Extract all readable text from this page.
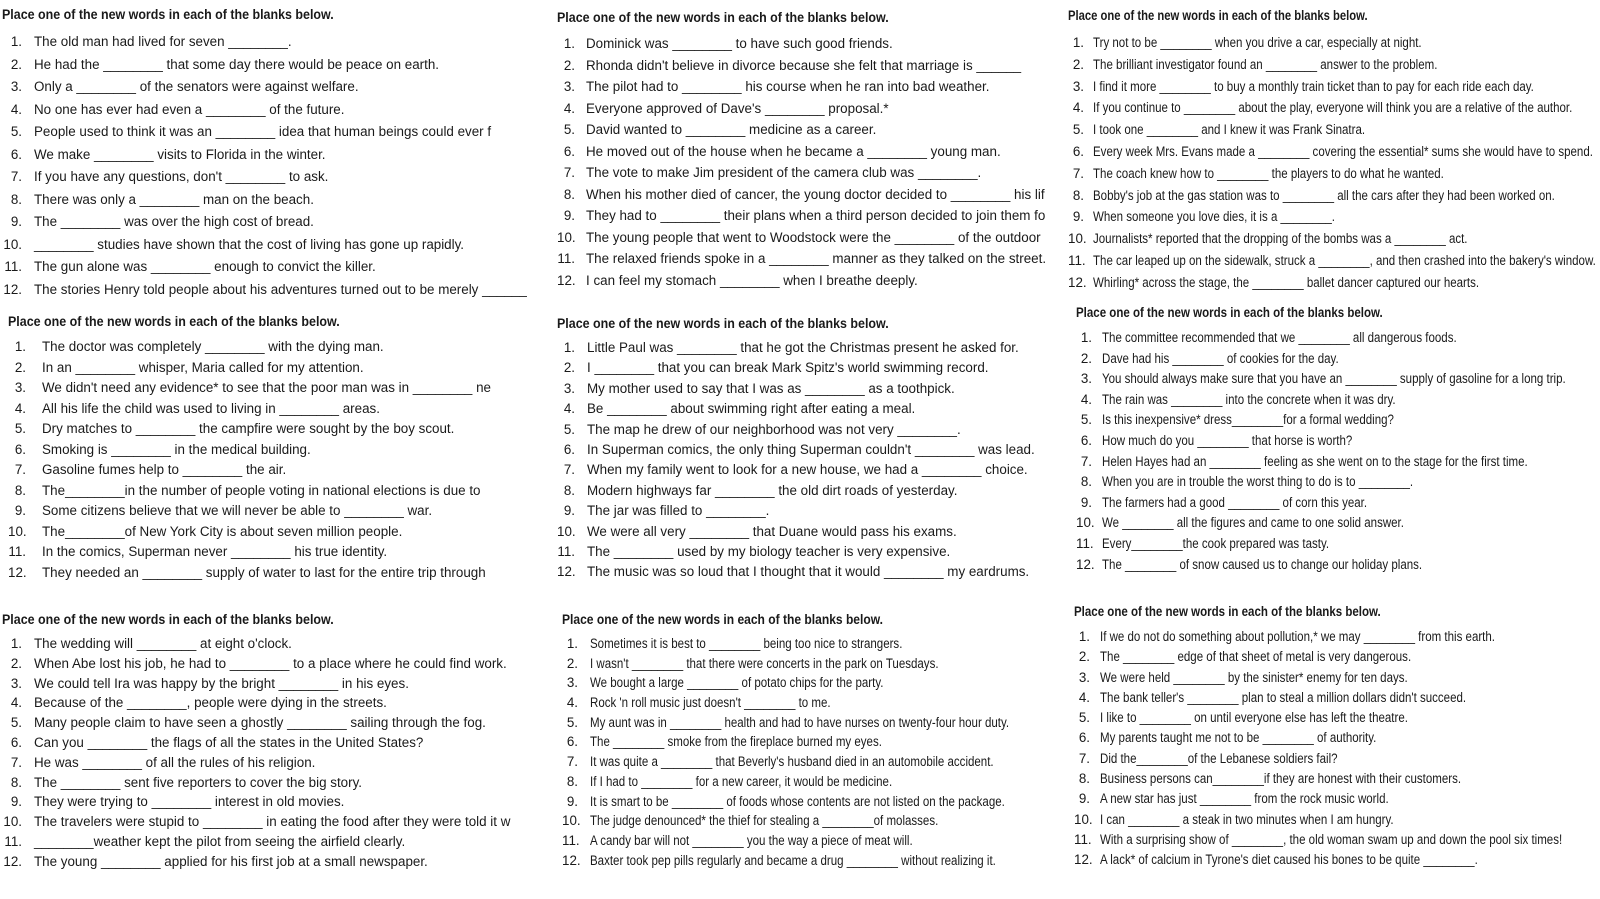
Place one of the new words in each of the blanks below.
1. The old man had lived for seven ________.
2. He had the ________ that some day there would be peace on earth.
3. Only a ________ of the senators were against welfare.
4. No one has ever had even a ________ of the future.
5. People used to think it was an ________ idea that human beings could ever f
6. We make ________ visits to Florida in the winter.
7. If you have any questions, don't ________ to ask.
8. There was only a ________ man on the beach.
9. The ________ was over the high cost of bread.
10. ________ studies have shown that the cost of living has gone up rapidly.
11. The gun alone was ________ enough to convict the killer.
12. The stories Henry told people about his adventures turned out to be merely ______
Place one of the new words in each of the blanks below.
1. Dominick was ________ to have such good friends.
2. Rhonda didn't believe in divorce because she felt that marriage is ______
3. The pilot had to ________ his course when he ran into bad weather.
4. Everyone approved of Dave's ________ proposal.*
5. David wanted to ________ medicine as a career.
6. He moved out of the house when he became a ________ young man.
7. The vote to make Jim president of the camera club was ________.
8. When his mother died of cancer, the young doctor decided to ________ his lif
9. They had to ________ their plans when a third person decided to join them fo
10. The young people that went to Woodstock were the ________ of the outdoor
11. The relaxed friends spoke in a ________ manner as they talked on the street.
12. I can feel my stomach ________ when I breathe deeply.
Place one of the new words in each of the blanks below.
1. Try not to be ________ when you drive a car, especially at night.
2. The brilliant investigator found an ________ answer to the problem.
3. I find it more ________ to buy a monthly train ticket than to pay for each ride each day.
4. If you continue to ________ about the play, everyone will think you are a relative of the author.
5. I took one ________ and I knew it was Frank Sinatra.
6. Every week Mrs. Evans made a ________ covering the essential* sums she would have to spend.
7. The coach knew how to ________ the players to do what he wanted.
8. Bobby's job at the gas station was to ________ all the cars after they had been worked on.
9. When someone you love dies, it is a ________.
10. Journalists* reported that the dropping of the bombs was a ________ act.
11. The car leaped up on the sidewalk, struck a ________, and then crashed into the bakery's window.
12. Whirling* across the stage, the ________ ballet dancer captured our hearts.
Place one of the new words in each of the blanks below.
1.	The doctor was completely ________ with the dying man.
2.	In an ________ whisper, Maria called for my attention.
3.	We didn't need any evidence* to see that the poor man was in ________ ne
4.	All his life the child was used to living in ________ areas.
5.	Dry matches to ________ the campfire were sought by the boy scout.
6.	Smoking is ________ in the medical building.
7.	Gasoline fumes help to ________ the air.
8.	The________in the number of people voting in national elections is due to
9.	Some citizens believe that we will never be able to ________ war.
10.	The________of New York City is about seven million people.
11.	In the comics, Superman never ________ his true identity.
12.	They needed an ________ supply of water to last for the entire trip through
Place one of the new words in each of the blanks below.
1. Little Paul was ________ that he got the Christmas present he asked for.
2. I ________ that you can break Mark Spitz's world swimming record.
3. My mother used to say that I was as ________ as a toothpick.
4. Be ________ about swimming right after eating a meal.
5. The map he drew of our neighborhood was not very ________.
6. In Superman comics, the only thing Superman couldn't ________ was lead.
7. When my family went to look for a new house, we had a ________ choice.
8. Modern highways far ________ the old dirt roads of yesterday.
9. The jar was filled to ________.
10. We were all very ________ that Duane would pass his exams.
11. The ________ used by my biology teacher is very expensive.
12. The music was so loud that I thought that it would ________ my eardrums.
Place one of the new words in each of the blanks below.
1. The committee recommended that we ________ all dangerous foods.
2. Dave had his ________ of cookies for the day.
3. You should always make sure that you have an ________ supply of gasoline for a long trip.
4. The rain was ________ into the concrete when it was dry.
5. Is this inexpensive* dress________for a formal wedding?
6. How much do you ________ that horse is worth?
7. Helen Hayes had an ________ feeling as she went on to the stage for the first time.
8. When you are in trouble the worst thing to do is to ________.
9. The farmers had a good ________ of corn this year.
10. We ________ all the figures and came to one solid answer.
11. Every________the cook prepared was tasty.
12. The ________ of snow caused us to change our holiday plans.
Place one of the new words in each of the blanks below.
1. The wedding will ________ at eight o'clock.
2. When Abe lost his job, he had to ________ to a place where he could find work.
3. We could tell Ira was happy by the bright ________ in his eyes.
4. Because of the ________, people were dying in the streets.
5. Many people claim to have seen a ghostly ________ sailing through the fog.
6. Can you ________ the flags of all the states in the United States?
7. He was ________ of all the rules of his religion.
8. The ________ sent five reporters to cover the big story.
9. They were trying to ________ interest in old movies.
10. The travelers were stupid to ________ in eating the food after they were told it w
11. ________weather kept the pilot from seeing the airfield clearly.
12. The young ________ applied for his first job at a small newspaper.
Place one of the new words in each of the blanks below.
1. Sometimes it is best to ________ being too nice to strangers.
2. I wasn't ________ that there were concerts in the park on Tuesdays.
3. We bought a large ________ of potato chips for the party.
4. Rock 'n roll music just doesn't ________ to me.
5. My aunt was in ________ health and had to have nurses on twenty-four hour duty.
6. The ________ smoke from the fireplace burned my eyes.
7. It was quite a ________ that Beverly's husband died in an automobile accident.
8. If I had to ________ for a new career, it would be medicine.
9. It is smart to be ________ of foods whose contents are not listed on the package.
10. The judge denounced* the thief for stealing a ________of molasses.
11. A candy bar will not ________ you the way a piece of meat will.
12. Baxter took pep pills regularly and became a drug ________ without realizing it.
Place one of the new words in each of the blanks below.
1. If we do not do something about pollution,* we may ________ from this earth.
2. The ________ edge of that sheet of metal is very dangerous.
3. We were held ________ by the sinister* enemy for ten days.
4. The bank teller's ________ plan to steal a million dollars didn't succeed.
5. I like to ________ on until everyone else has left the theatre.
6. My parents taught me not to be ________ of authority.
7. Did the________of the Lebanese soldiers fail?
8. Business persons can________if they are honest with their customers.
9. A new star has just ________ from the rock music world.
10. I can ________ a steak in two minutes when I am hungry.
11. With a surprising show of ________, the old woman swam up and down the pool six times!
12. A lack* of calcium in Tyrone's diet caused his bones to be quite ________.
